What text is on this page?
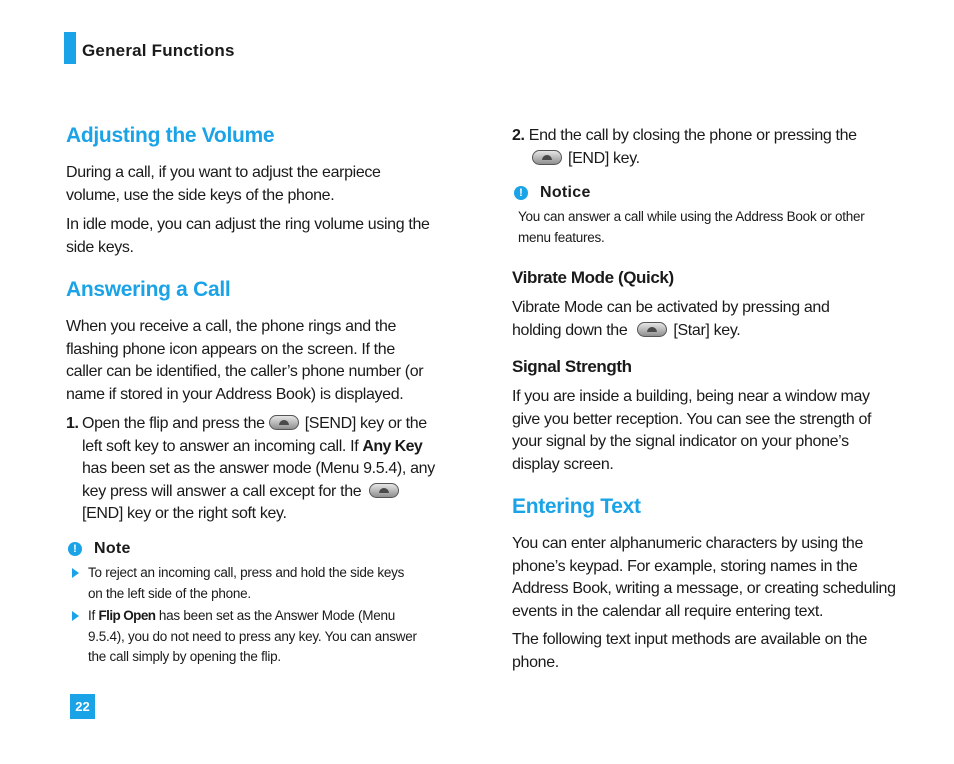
General Functions
Adjusting the Volume
During a call, if you want to adjust the earpiece
volume, use the side keys of the phone.
In idle mode, you can adjust the ring volume using the
side keys.
Answering a Call
When you receive a call, the phone rings and the
flashing phone icon appears on the screen. If the
caller can be identified, the caller’s phone number (or
name if stored in your Address Book) is displayed.
1. Open the flip and press the	[SEND] key or the
left soft key to answer an incoming call. If Any Key
has been set as the answer mode (Menu 9.5.4), any
key press will answer a call except for the
[END] key or the right soft key.
!	Note
To reject an incoming call, press and hold the side keys
on the left side of the phone.
If Flip Open has been set as the Answer Mode (Menu
9.5.4), you do not need to press any key. You can answer
the call simply by opening the flip.
22
2. End the call by closing the phone or pressing the
[END] key.
!	Notice
You can answer a call while using the Address Book or other
menu features.
Vibrate Mode (Quick)
Vibrate Mode can be activated by pressing and
holding down the	[Star] key.
Signal Strength
If you are inside a building, being near a window may
give you better reception. You can see the strength of
your signal by the signal indicator on your phone’s
display screen.
Entering Text
You can enter alphanumeric characters by using the
phone’s keypad. For example, storing names in the
Address Book, writing a message, or creating scheduling
events in the calendar all require entering text.
The following text input methods are available on the
phone.
